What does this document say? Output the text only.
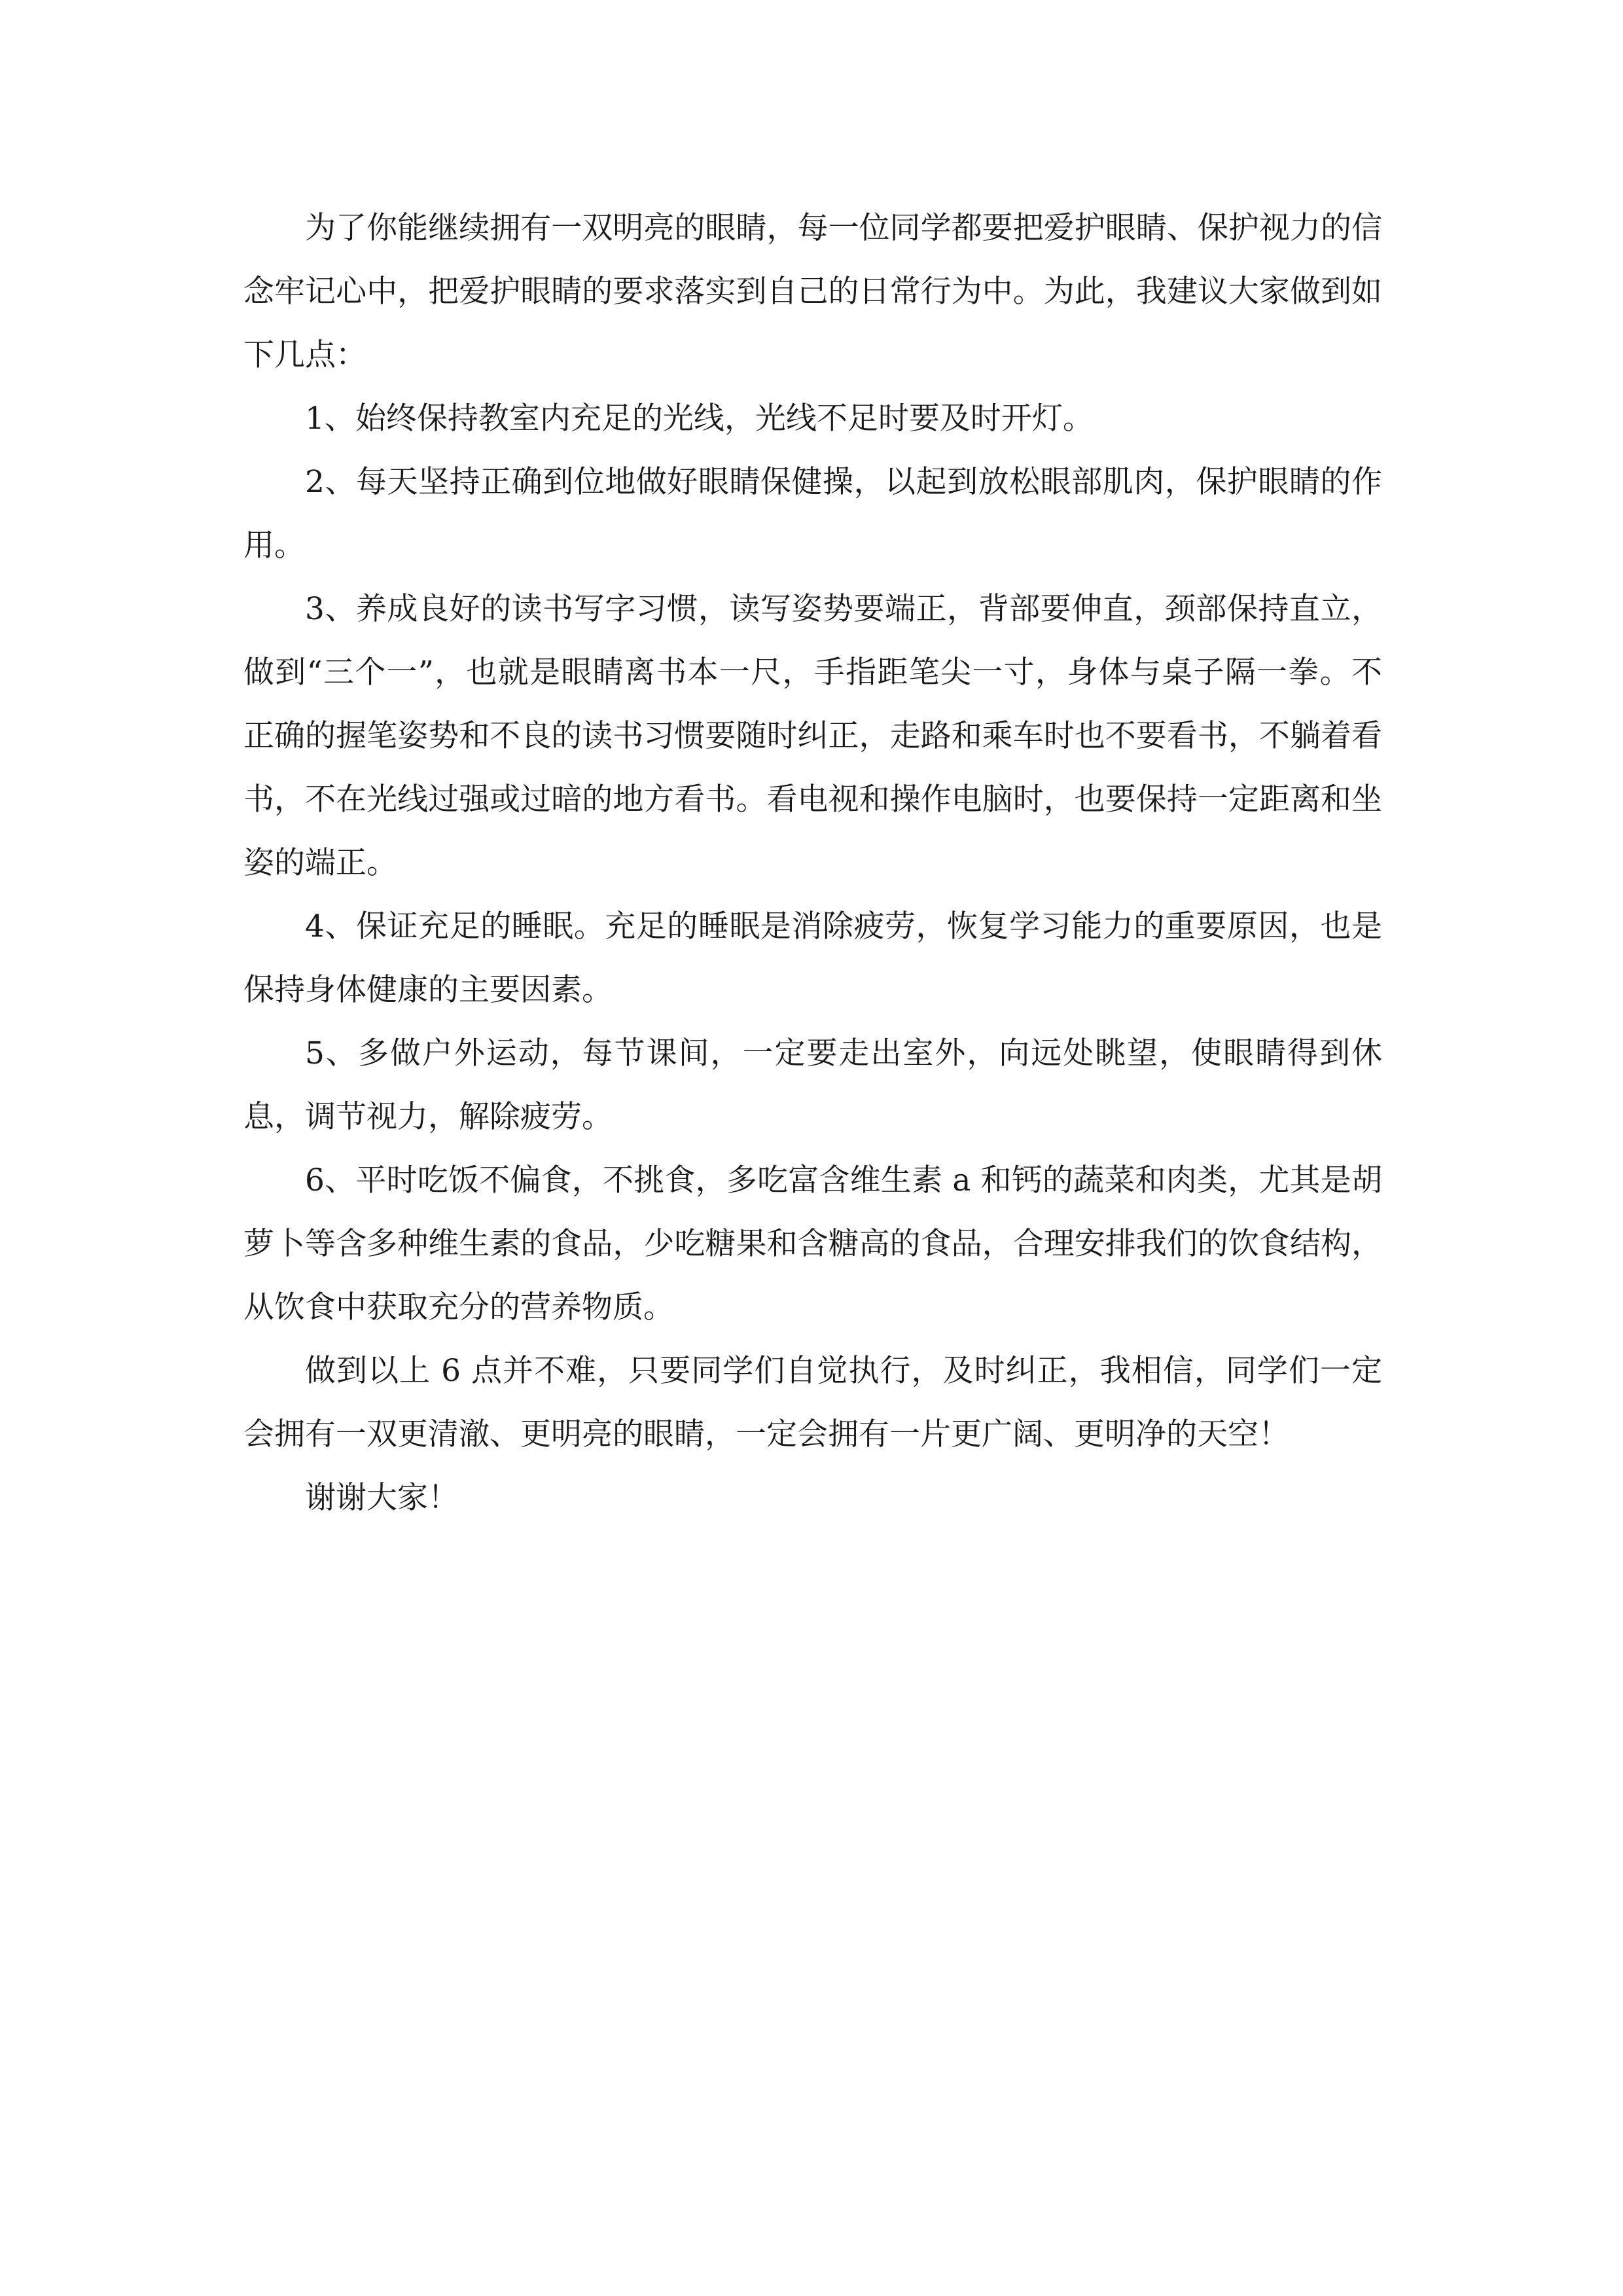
为了你能继续拥有一双明亮的眼睛，每一位同学都要把爱护眼睛、保护视力的信念牢记心中，把爱护眼睛的要求落实到自己的日常行为中。为此，我建议大家做到如下几点：

1、始终保持教室内充足的光线，光线不足时要及时开灯。

2、每天坚持正确到位地做好眼睛保健操，以起到放松眼部肌肉，保护眼睛的作用。

3、养成良好的读书写字习惯，读写姿势要端正，背部要伸直，颈部保持直立，做到“三个一”，也就是眼睛离书本一尺，手指距笔尖一寸，身体与桌子隔一拳。不正确的握笔姿势和不良的读书习惯要随时纠正，走路和乘车时也不要看书，不躺着看书，不在光线过强或过暗的地方看书。看电视和操作电脑时，也要保持一定距离和坐姿的端正。

4、保证充足的睡眠。充足的睡眠是消除疲劳，恢复学习能力的重要原因，也是保持身体健康的主要因素。

5、多做户外运动，每节课间，一定要走出室外，向远处眺望，使眼睛得到休息，调节视力，解除疲劳。

6、平时吃饭不偏食，不挑食，多吃富含维生素 a 和钙的蔬菜和肉类，尤其是胡萝卜等含多种维生素的食品，少吃糖果和含糖高的食品，合理安排我们的饮食结构，从饮食中获取充分的营养物质。

做到以上 6 点并不难，只要同学们自觉执行，及时纠正，我相信，同学们一定会拥有一双更清澈、更明亮的眼睛，一定会拥有一片更广阔、更明净的天空！

谢谢大家！
